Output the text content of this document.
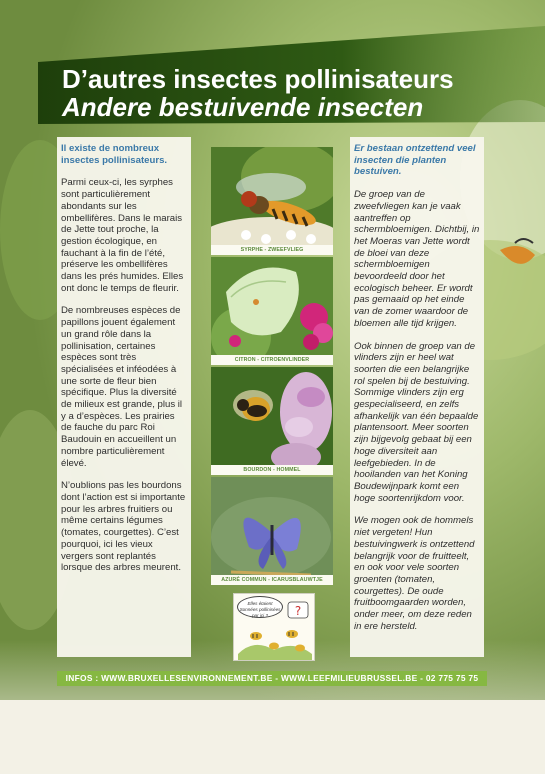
D’autres insectes pollinisateurs
Andere bestuivende insecten
Il existe de nombreux insectes pollinisateurs.

Parmi ceux-ci, les syrphes sont particulièrement abondants sur les ombellifères. Dans le marais de Jette tout proche, la gestion écologique, en fauchant à la fin de l’été, préserve les ombellifères dans les prés humides. Elles ont donc le temps de fleurir.

De nombreuses espèces de papillons jouent également un grand rôle dans la pollinisation, certaines espèces sont très spécialisées et inféodées à une sorte de fleur bien spécifique. Plus la diversité de milieux est grande, plus il y a d’espèces. Les prairies de fauche du parc Roi Baudouin en accueillent un nombre particulièrement élevé.

N’oublions pas les bourdons dont l’action est si importante pour les arbres fruitiers ou même certains légumes (tomates, courgettes). C’est pourquoi, ici les vieux vergers sont replantés lorsque des arbres meurent.

Er bestaan ontzettend veel insecten die planten bestuiven.

De groep van de zweefvliegen kan je vaak aantreffen op schermbloemigen. Dichtbij, in het Moeras van Jette wordt de bloei van deze schermbloemigen bevoordeeld door het ecologisch beheer. Er wordt pas gemaaid op het einde van de zomer waardoor de bloemen alle tijd krijgen.

Ook binnen de groep van de vlinders zijn er heel wat soorten die een belangrijke rol spelen bij de bestuiving. Sommige vlinders zijn erg gespecialiseerd, en zelfs afhankelijk van één bepaalde plantensoort. Meer soorten zijn bijgevolg gebaat bij een hoge diversiteit aan leefgebieden. In de hooilanden van het Koning Boudewijnpark komt een hoge soortenrijkdom voor.

We mogen ook de hommels niet vergeten! Hun bestuivingwerk is ontzettend belangrijk voor de fruitteelt, en ook voor vele soorten groenten (tomaten, courgettes). De oude fruitboomgaarden worden, onder meer, om deze reden in ere hersteld.

SYRPHE - ZWEEFVLIEG
CITRON - CITROENVLINDER
BOURDON - HOMMEL
AZURÉ COMMUN - ICARUSBLAUWTJE
Elles étaient Sonnées pollinisées par ici ?	?
INFOS : WWW.BRUXELLESENVIRONNEMENT.BE - WWW.LEEFMILIEUBRUSSEL.BE - 02 775 75 75
